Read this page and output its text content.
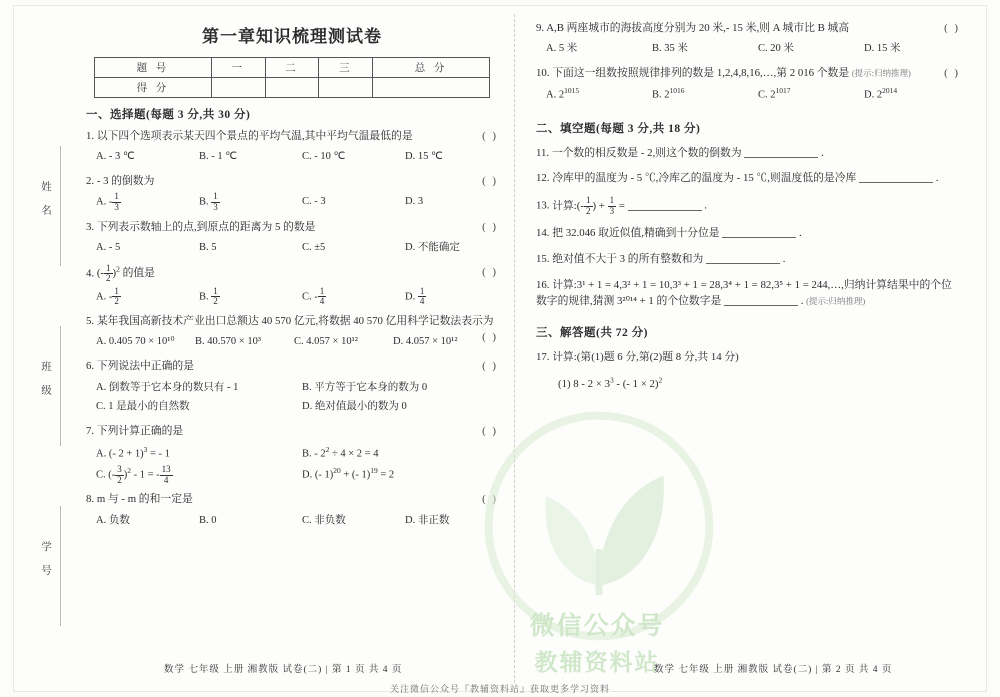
姓 名
班 级
学 号
第一章知识梳理测试卷
题 号	一	二	三	总 分
得 分				
一、选择题(每题 3 分,共 30 分)
( )
1. 以下四个选项表示某天四个景点的平均气温,其中平均气温最低的是
A. - 3 ℃	B. - 1 ℃	C. - 10 ℃	D. 15 ℃
( )
2. - 3 的倒数为
A. - $\frac{1}{3}$	B. $\frac{1}{3}$	C. - 3	D. 3
( )
3. 下列表示数轴上的点,到原点的距离为 5 的数是
A. - 5	B. 5	C. ±5	D. 不能确定
( )
4. (- $\frac{1}{2} )^2$ 的值是
A. - $\frac{1}{2}$	B. $\frac{1}{2}$	C. - $\frac{1}{4}$	D. $\frac{1}{4}$
5. 某年我国高新技术产业出口总额达 40 570 亿元,将数据 40 570 亿用科学记数法表示为
( )
A. 0.405 70 × 10¹⁰	B. 40.570 × 10³	C. 4.057 × 10¹²	D. 4.057 × 10¹²
( )
6. 下列说法中正确的是
A. 倒数等于它本身的数只有 - 1	B. 平方等于它本身的数为 0
C. 1 是最小的自然数	D. 绝对值最小的数为 0
( )
7. 下列计算正确的是
A. (- 2 + 1)$^3$ = - 1	B. - $2^2 \div 4 \times 2 = 4$
C. (- $\frac{3}{2} )^2 - 1$ = - $\frac{13}{4}$	D. (- 1)$^{20}$ + (- 1)$^{19}$ = 2
( )
8. m 与 - m 的和一定是
A. 负数	B. 0	C. 非负数	D. 非正数
( )
9. A,B 两座城市的海拔高度分别为 20 米,- 15 米,则 A 城市比 B 城高
A. 5 米	B. 35 米	C. 20 米	D. 15 米
( )
10. 下面这一组数按照规律排列的数是 1,2,4,8,16,…,第 2 016 个数是 (提示:归纳推理)
A. $2^{1015}$	B. $2^{1016}$	C. $2^{1017}$	D. $2^{2014}$
二、填空题(每题 3 分,共 18 分)
11. 一个数的相反数是 - 2,则这个数的倒数为	.
12. 冷库甲的温度为 - 5 ℃,冷库乙的温度为 - 15 ℃,则温度低的是冷库	.
13. 计算:(- $\frac{1}{2}$ ) + $\frac{1}{3}$ =	.
14. 把 32.046 取近似值,精确到十分位是	.
15. 绝对值不大于 3 的所有整数和为	.
16. 计算:3¹ + 1 = 4,3² + 1 = 10,3³ + 1 = 28,3⁴ + 1 = 82,3⁵ + 1 = 244,…,归纳计算结果中的个位数字的规律,猜测 3²⁰¹⁴ + 1 的个位数字是	. (提示:归纳推理)
三、解答题(共 72 分)
17. 计算:(第(1)题 6 分,第(2)题 8 分,共 14 分)
(1) $8 - 2 \times 3^3$ - (- 1 × 2)$^2$
微信公众号
教辅资料站
数学 七年级 上册 湘教版 试卷(二) | 第 1 页 共 4 页	数学 七年级 上册 湘教版 试卷(二) | 第 2 页 共 4 页
关注微信公众号『教辅资料站』获取更多学习资料
